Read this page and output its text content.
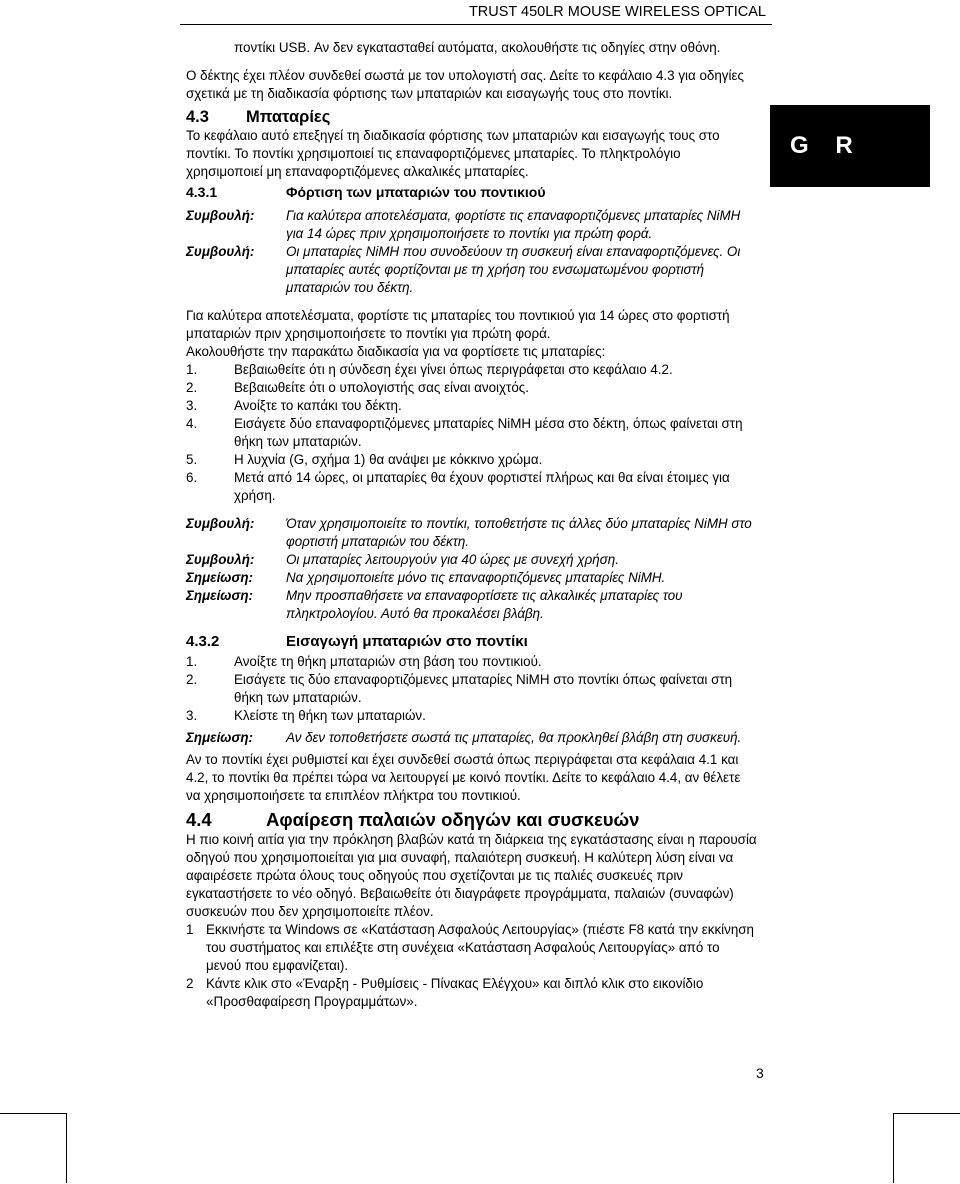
TRUST 450LR MOUSE WIRELESS OPTICAL
G R

ποντίκι USB. Αν δεν εγκατασταθεί αυτόματα, ακολουθήστε τις οδηγίες στην οθόνη.

Ο δέκτης έχει πλέον συνδεθεί σωστά με τον υπολογιστή σας. Δείτε το κεφάλαιο 4.3 για οδηγίες σχετικά με τη διαδικασία φόρτισης των μπαταριών και εισαγωγής τους στο ποντίκι.

4.3 Μπαταρίες

Το κεφάλαιο αυτό επεξηγεί τη διαδικασία φόρτισης των μπαταριών και εισαγωγής τους στο ποντίκι. Το ποντίκι χρησιμοποιεί τις επαναφορτιζόμενες μπαταρίες. Το πληκτρολόγιο χρησιμοποιεί μη επαναφορτιζόμενες αλκαλικές μπαταρίες.

4.3.1	Φόρτιση των μπαταριών του ποντικιού
Συμβουλή:	Για καλύτερα αποτελέσματα, φορτίστε τις επαναφορτιζόμενες μπαταρίες NiMH για 14 ώρες πριν χρησιμοποιήσετε το ποντίκι για πρώτη φορά.
Συμβουλή:	Οι μπαταρίες NiMH που συνοδεύουν τη συσκευή είναι επαναφορτιζόμενες. Οι μπαταρίες αυτές φορτίζονται με τη χρήση του ενσωματωμένου φορτιστή μπαταριών του δέκτη.

Για καλύτερα αποτελέσματα, φορτίστε τις μπαταρίες του ποντικιού για 14 ώρες στο φορτιστή μπαταριών πριν χρησιμοποιήσετε το ποντίκι για πρώτη φορά.

Ακολουθήστε την παρακάτω διαδικασία για να φορτίσετε τις μπαταρίες:

1.	Βεβαιωθείτε ότι η σύνδεση έχει γίνει όπως περιγράφεται στο κεφάλαιο 4.2.
2.	Βεβαιωθείτε ότι ο υπολογιστής σας είναι ανοιχτός.
3.	Ανοίξτε το καπάκι του δέκτη.
4.	Εισάγετε δύο επαναφορτιζόμενες μπαταρίες NiMH μέσα στο δέκτη, όπως φαίνεται στη θήκη των μπαταριών.
5.	Η λυχνία (G, σχήμα 1) θα ανάψει με κόκκινο χρώμα.
6.	Μετά από 14 ώρες, οι μπαταρίες θα έχουν φορτιστεί πλήρως και θα είναι έτοιμες για χρήση.
Συμβουλή:	Όταν χρησιμοποιείτε το ποντίκι, τοποθετήστε τις άλλες δύο μπαταρίες NiMH στο φορτιστή μπαταριών του δέκτη.
Συμβουλή:	Οι μπαταρίες λειτουργούν για 40 ώρες με συνεχή χρήση.
Σημείωση:	Να χρησιμοποιείτε μόνο τις επαναφορτιζόμενες μπαταρίες NiMH.
Σημείωση:	Μην προσπαθήσετε να επαναφορτίσετε τις αλκαλικές μπαταρίες του πληκτρολογίου. Αυτό θα προκαλέσει βλάβη.
4.3.2	Εισαγωγή μπαταριών στο ποντίκι
1.	Ανοίξτε τη θήκη μπαταριών στη βάση του ποντικιού.
2.	Εισάγετε τις δύο επαναφορτιζόμενες μπαταρίες NiMH στο ποντίκι όπως φαίνεται στη θήκη των μπαταριών.
3.	Κλείστε τη θήκη των μπαταριών.
Σημείωση:	Αν δεν τοποθετήσετε σωστά τις μπαταρίες, θα προκληθεί βλάβη στη συσκευή.

Αν το ποντίκι έχει ρυθμιστεί και έχει συνδεθεί σωστά όπως περιγράφεται στα κεφάλαια 4.1 και 4.2, το ποντίκι θα πρέπει τώρα να λειτουργεί με κοινό ποντίκι. Δείτε το κεφάλαιο 4.4, αν θέλετε να χρησιμοποιήσετε τα επιπλέον πλήκτρα του ποντικιού.

4.4	Αφαίρεση παλαιών οδηγών και συσκευών

Η πιο κοινή αιτία για την πρόκληση βλαβών κατά τη διάρκεια της εγκατάστασης είναι η παρουσία οδηγού που χρησιμοποιείται για μια συναφή, παλαιότερη συσκευή. Η καλύτερη λύση είναι να αφαιρέσετε πρώτα όλους τους οδηγούς που σχετίζονται με τις παλιές συσκευές πριν εγκαταστήσετε το νέο οδηγό. Βεβαιωθείτε ότι διαγράφετε προγράμματα, παλαιών (συναφών) συσκευών που δεν χρησιμοποιείτε πλέον.

1 Εκκινήστε τα Windows σε «Κατάσταση Ασφαλούς Λειτουργίας» (πιέστε F8 κατά την εκκίνηση του συστήματος και επιλέξτε στη συνέχεια «Κατάσταση Ασφαλούς Λειτουργίας» από το μενού που εμφανίζεται).
2 Κάντε κλικ στο «Έναρξη - Ρυθμίσεις - Πίνακας Ελέγχου» και διπλό κλικ στο εικονίδιο «Προσθαφαίρεση Προγραμμάτων».
3
